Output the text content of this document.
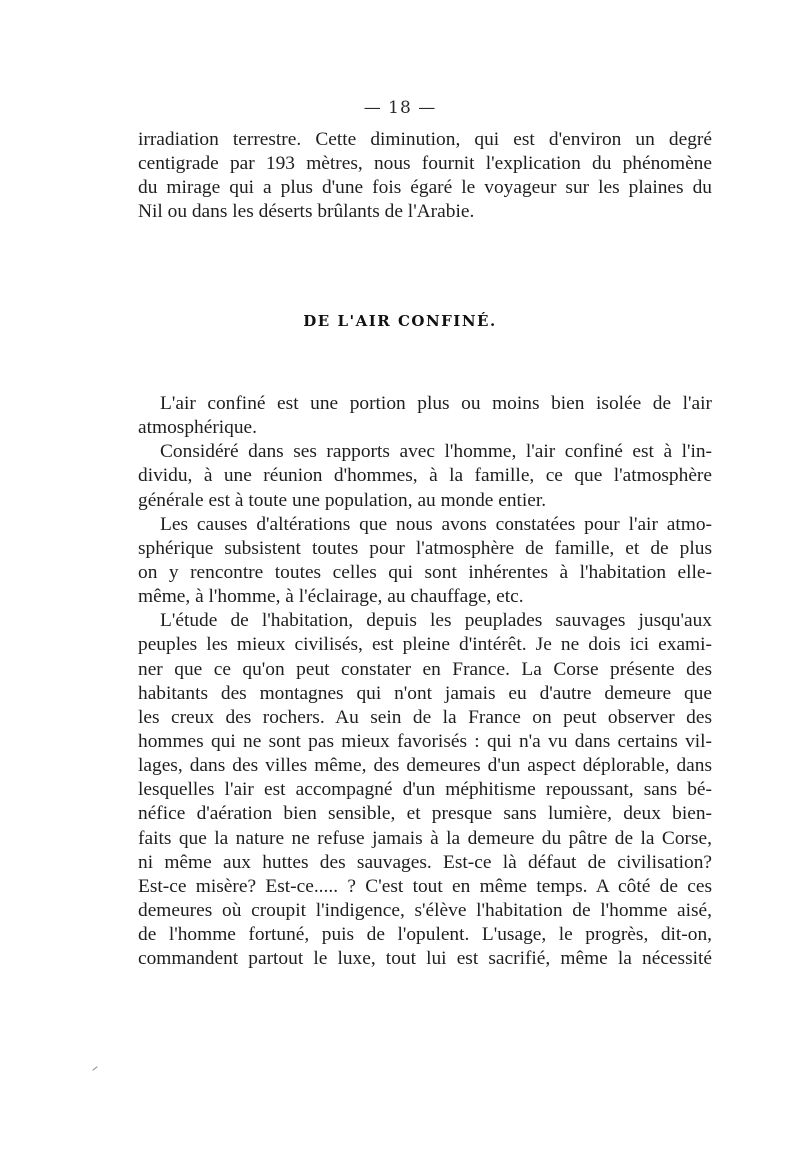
— 18 —
irradiation terrestre. Cette diminution, qui est d'environ un degré
centigrade par 193 mètres, nous fournit l'explication du phénomène
du mirage qui a plus d'une fois égaré le voyageur sur les plaines du
Nil ou dans les déserts brûlants de l'Arabie.
DE L'AIR CONFINÉ.
L'air confiné est une portion plus ou moins bien isolée de l'air
atmosphérique.
Considéré dans ses rapports avec l'homme, l'air confiné est à l'in-
dividu, à une réunion d'hommes, à la famille, ce que l'atmosphère
générale est à toute une population, au monde entier.
Les causes d'altérations que nous avons constatées pour l'air atmo-
sphérique subsistent toutes pour l'atmosphère de famille, et de plus
on y rencontre toutes celles qui sont inhérentes à l'habitation elle-
même, à l'homme, à l'éclairage, au chauffage, etc.
L'étude de l'habitation, depuis les peuplades sauvages jusqu'aux
peuples les mieux civilisés, est pleine d'intérêt. Je ne dois ici exami-
ner que ce qu'on peut constater en France. La Corse présente des
habitants des montagnes qui n'ont jamais eu d'autre demeure que
les creux des rochers. Au sein de la France on peut observer des
hommes qui ne sont pas mieux favorisés : qui n'a vu dans certains vil-
lages, dans des villes même, des demeures d'un aspect déplorable, dans
lesquelles l'air est accompagné d'un méphitisme repoussant, sans bé-
néfice d'aération bien sensible, et presque sans lumière, deux bien-
faits que la nature ne refuse jamais à la demeure du pâtre de la Corse,
ni même aux huttes des sauvages. Est-ce là défaut de civilisation?
Est-ce misère? Est-ce..... ? C'est tout en même temps. A côté de ces
demeures où croupit l'indigence, s'élève l'habitation de l'homme aisé,
de l'homme fortuné, puis de l'opulent. L'usage, le progrès, dit-on,
commandent partout le luxe, tout lui est sacrifié, même la nécessité
